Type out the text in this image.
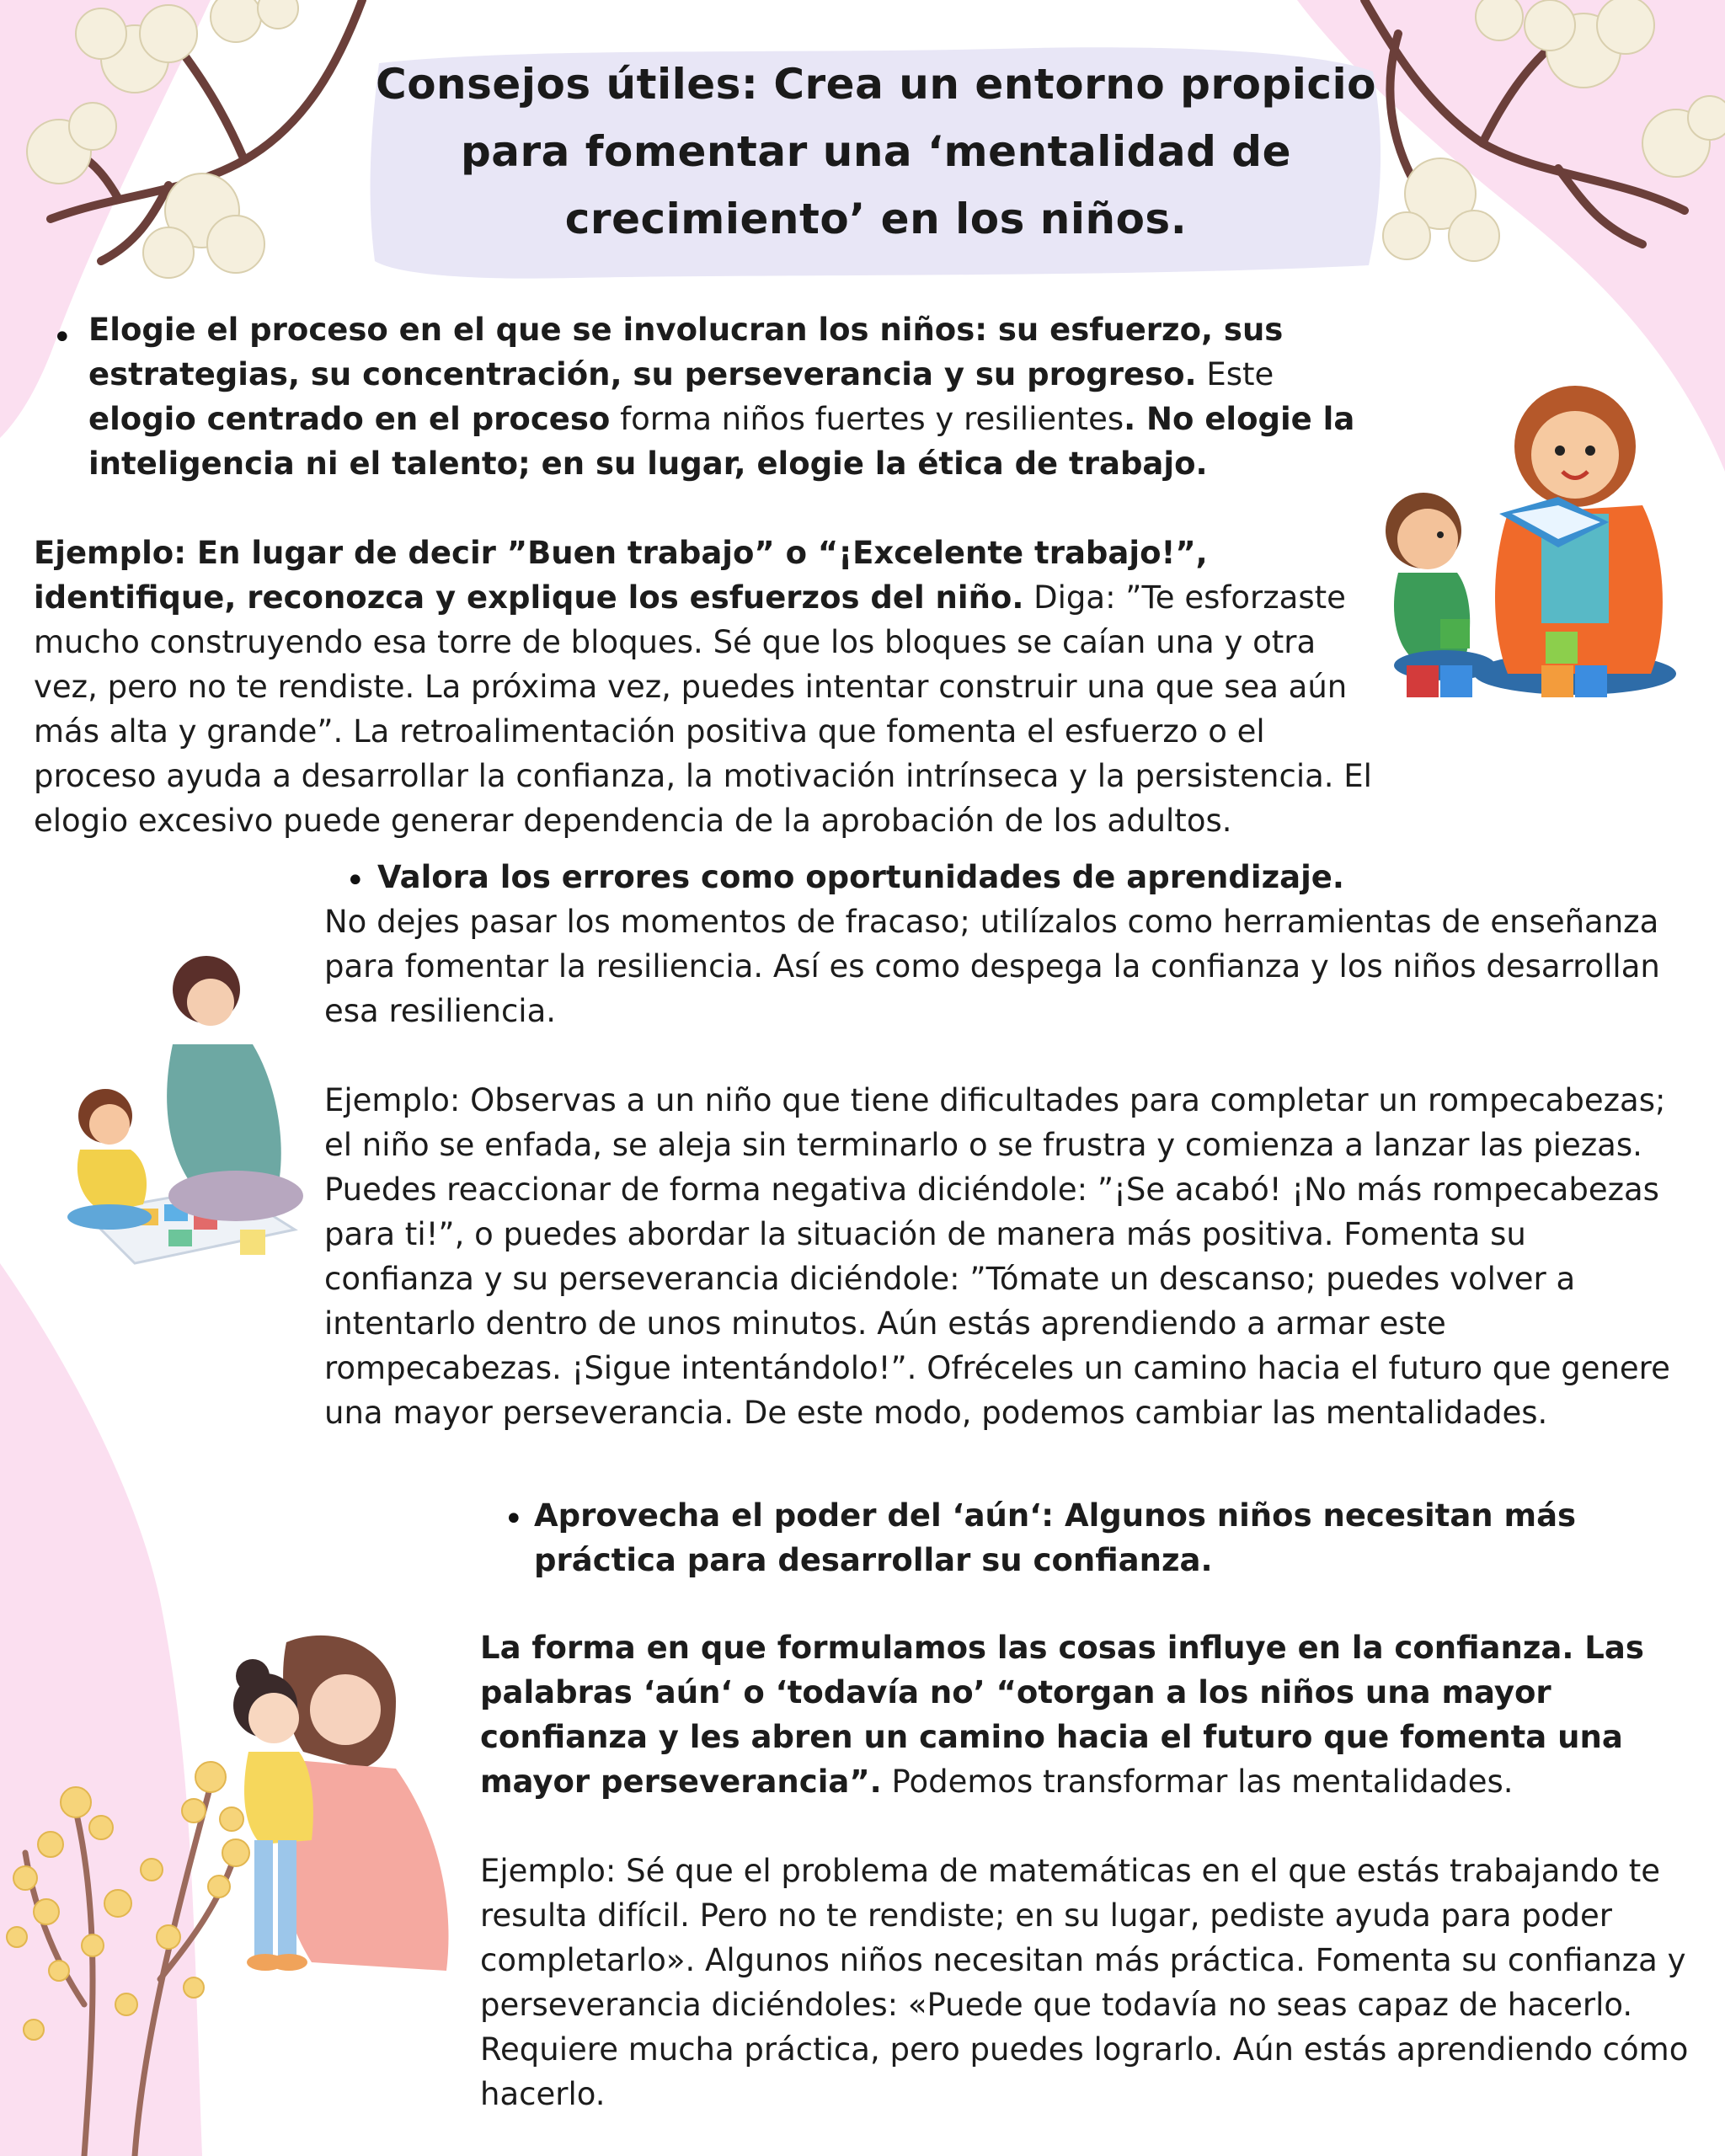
Consejos útiles: Crea un entorno propicio para fomentar una ‘mentalidad de crecimiento’ en los niños.
• Elogie el proceso en el que se involucran los niños: su esfuerzo, sus estrategias, su concentración, su perseverancia y su progreso. Este elogio centrado en el proceso forma niños fuertes y resilientes. No elogie la inteligencia ni el talento; en su lugar, elogie la ética de trabajo.
Ejemplo: En lugar de decir ”Buen trabajo” o “¡Excelente trabajo!”, identifique, reconozca y explique los esfuerzos del niño. Diga: ”Te esforzaste mucho construyendo esa torre de bloques. Sé que los bloques se caían una y otra vez, pero no te rendiste. La próxima vez, puedes intentar construir una que sea aún más alta y grande”. La retroalimentación positiva que fomenta el esfuerzo o el proceso ayuda a desarrollar la confianza, la motivación intrínseca y la persistencia. El elogio excesivo puede generar dependencia de la aprobación de los adultos.
• Valora los errores como oportunidades de aprendizaje.
No dejes pasar los momentos de fracaso; utilízalos como herramientas de enseñanza para fomentar la resiliencia. Así es como despega la confianza y los niños desarrollan esa resiliencia.
Ejemplo: Observas a un niño que tiene dificultades para completar un rompecabezas; el niño se enfada, se aleja sin terminarlo o se frustra y comienza a lanzar las piezas. Puedes reaccionar de forma negativa diciéndole: ”¡Se acabó! ¡No más rompecabezas para ti!”, o puedes abordar la situación de manera más positiva. Fomenta su confianza y su perseverancia diciéndole: ”Tómate un descanso; puedes volver a intentarlo dentro de unos minutos. Aún estás aprendiendo a armar este rompecabezas. ¡Sigue intentándolo!”. Ofréceles un camino hacia el futuro que genere una mayor perseverancia. De este modo, podemos cambiar las mentalidades.
• Aprovecha el poder del ‘aún‘: Algunos niños necesitan más práctica para desarrollar su confianza.
La forma en que formulamos las cosas influye en la confianza. Las palabras ‘aún‘ o ‘todavía no’ “otorgan a los niños una mayor confianza y les abren un camino hacia el futuro que fomenta una mayor perseverancia”. Podemos transformar las mentalidades.
Ejemplo: Sé que el problema de matemáticas en el que estás trabajando te resulta difícil. Pero no te rendiste; en su lugar, pediste ayuda para poder completarlo». Algunos niños necesitan más práctica. Fomenta su confianza y perseverancia diciéndoles: «Puede que todavía no seas capaz de hacerlo. Requiere mucha práctica, pero puedes lograrlo. Aún estás aprendiendo cómo hacerlo.
